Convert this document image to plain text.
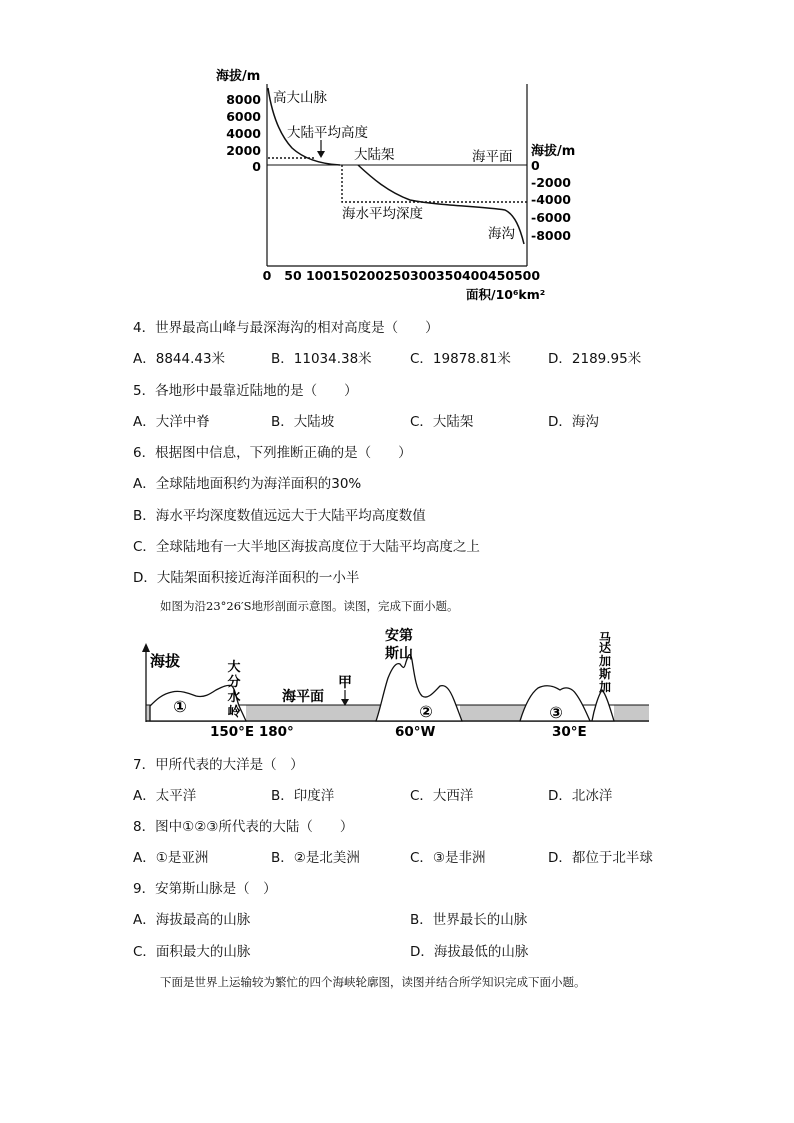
海拔/m
8000
6000
4000
2000
0
海拔/m
0
-2000
-4000
-6000
-8000
高大山脉
大陆平均高度
大陆架	海平面
海水平均深度
海沟
0 50 100 150 200 250 300 350 400 450 500
面积/10⁶km²
4．世界最高山峰与最深海沟的相对高度是（　　）
A．8844.43米	B．11034.38米	C．19878.81米	D．2189.95米
5．各地形中最靠近陆地的是（　　）
A．大洋中脊	B．大陆坡	C．大陆架	D．海沟
6．根据图中信息，下列推断正确的是（　　）
A．全球陆地面积约为海洋面积的30%
B．海水平均深度数值远远大于大陆平均高度数值
C．全球陆地有一大半地区海拔高度位于大陆平均高度之上
D．大陆架面积接近海洋面积的一小半
如图为沿23°26′S地形剖面示意图。读图，完成下面小题。
海拔
①	②	③
大
分
水
岭
海平面
甲
安第
斯山
马
达
加
斯
加
150°E 180°	60°W	30°E
7．甲所代表的大洋是（　）
A．太平洋	B．印度洋	C．大西洋	D．北冰洋
8．图中①②③所代表的大陆（　　）
A．①是亚洲	B．②是北美洲	C．③是非洲	D．都位于北半球
9．安第斯山脉是（　）
A．海拔最高的山脉	B．世界最长的山脉
C．面积最大的山脉	D．海拔最低的山脉
下面是世界上运输较为繁忙的四个海峡轮廓图，读图并结合所学知识完成下面小题。
